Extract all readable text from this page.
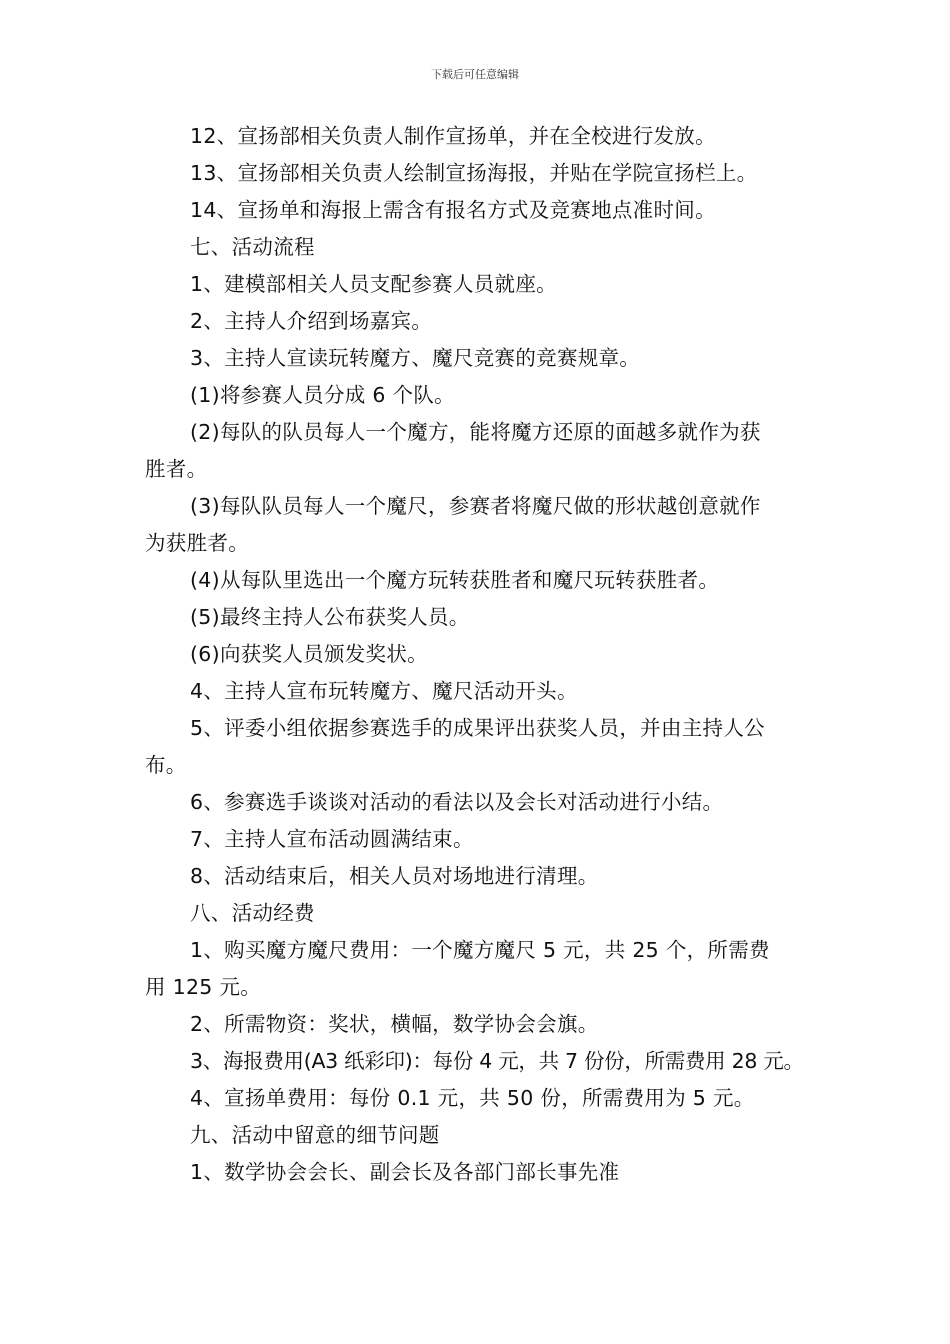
下载后可任意编辑
12、宣扬部相关负责人制作宣扬单，并在全校进行发放。
13、宣扬部相关负责人绘制宣扬海报，并贴在学院宣扬栏上。
14、宣扬单和海报上需含有报名方式及竞赛地点准时间。
七、活动流程
1、建模部相关人员支配参赛人员就座。
2、主持人介绍到场嘉宾。
3、主持人宣读玩转魔方、魔尺竞赛的竞赛规章。
(1)将参赛人员分成 6 个队。
(2)每队的队员每人一个魔方，能将魔方还原的面越多就作为获
胜者。
(3)每队队员每人一个魔尺，参赛者将魔尺做的形状越创意就作
为获胜者。
(4)从每队里选出一个魔方玩转获胜者和魔尺玩转获胜者。
(5)最终主持人公布获奖人员。
(6)向获奖人员颁发奖状。
4、主持人宣布玩转魔方、魔尺活动开头。
5、评委小组依据参赛选手的成果评出获奖人员，并由主持人公
布。
6、参赛选手谈谈对活动的看法以及会长对活动进行小结。
7、主持人宣布活动圆满结束。
8、活动结束后，相关人员对场地进行清理。
八、活动经费
1、购买魔方魔尺费用：一个魔方魔尺 5 元，共 25 个，所需费
用 125 元。
2、所需物资：奖状，横幅，数学协会会旗。
3、海报费用(A3 纸彩印)：每份 4 元，共 7 份份，所需费用 28 元。
4、宣扬单费用：每份 0.1 元，共 50 份，所需费用为 5 元。
九、活动中留意的细节问题
1、数学协会会长、副会长及各部门部长事先准
